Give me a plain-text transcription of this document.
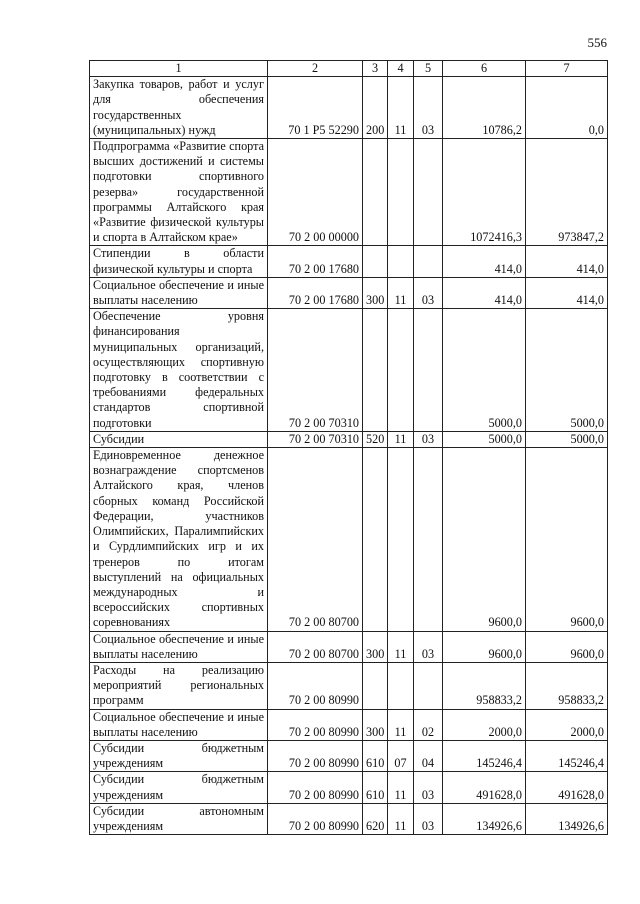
556
1	2	3	4	5	6	7
Закупка товаров, работ и услуг для обеспечения государственных (муниципальных) нужд	70 1 P5 52290	200	11	03	10786,2	0,0
Подпрограмма «Развитие спорта высших достижений и системы подготовки спортивного резерва» государственной программы Алтайского края «Развитие физической культуры и спорта в Алтайском крае»	70 2 00 00000				1072416,3	973847,2
Стипендии в области физической культуры и спорта	70 2 00 17680				414,0	414,0
Социальное обеспечение и иные выплаты населению	70 2 00 17680	300	11	03	414,0	414,0
Обеспечение уровня финансирования муниципальных организаций, осуществляющих спортивную подготовку в соответствии с требованиями федеральных стандартов спортивной подготовки	70 2 00 70310				5000,0	5000,0
Субсидии	70 2 00 70310	520	11	03	5000,0	5000,0
Единовременное денежное вознаграждение спортсменов Алтайского края, членов сборных команд Российской Федерации, участников Олимпийских, Паралимпийских и Сурдлимпийских игр и их тренеров по итогам выступлений на официальных международных и всероссийских спортивных соревнованиях	70 2 00 80700				9600,0	9600,0
Социальное обеспечение и иные выплаты населению	70 2 00 80700	300	11	03	9600,0	9600,0
Расходы на реализацию мероприятий региональных программ	70 2 00 80990				958833,2	958833,2
Социальное обеспечение и иные выплаты населению	70 2 00 80990	300	11	02	2000,0	2000,0
Субсидии бюджетным учреждениям	70 2 00 80990	610	07	04	145246,4	145246,4
Субсидии бюджетным учреждениям	70 2 00 80990	610	11	03	491628,0	491628,0
Субсидии автономным учреждениям	70 2 00 80990	620	11	03	134926,6	134926,6
